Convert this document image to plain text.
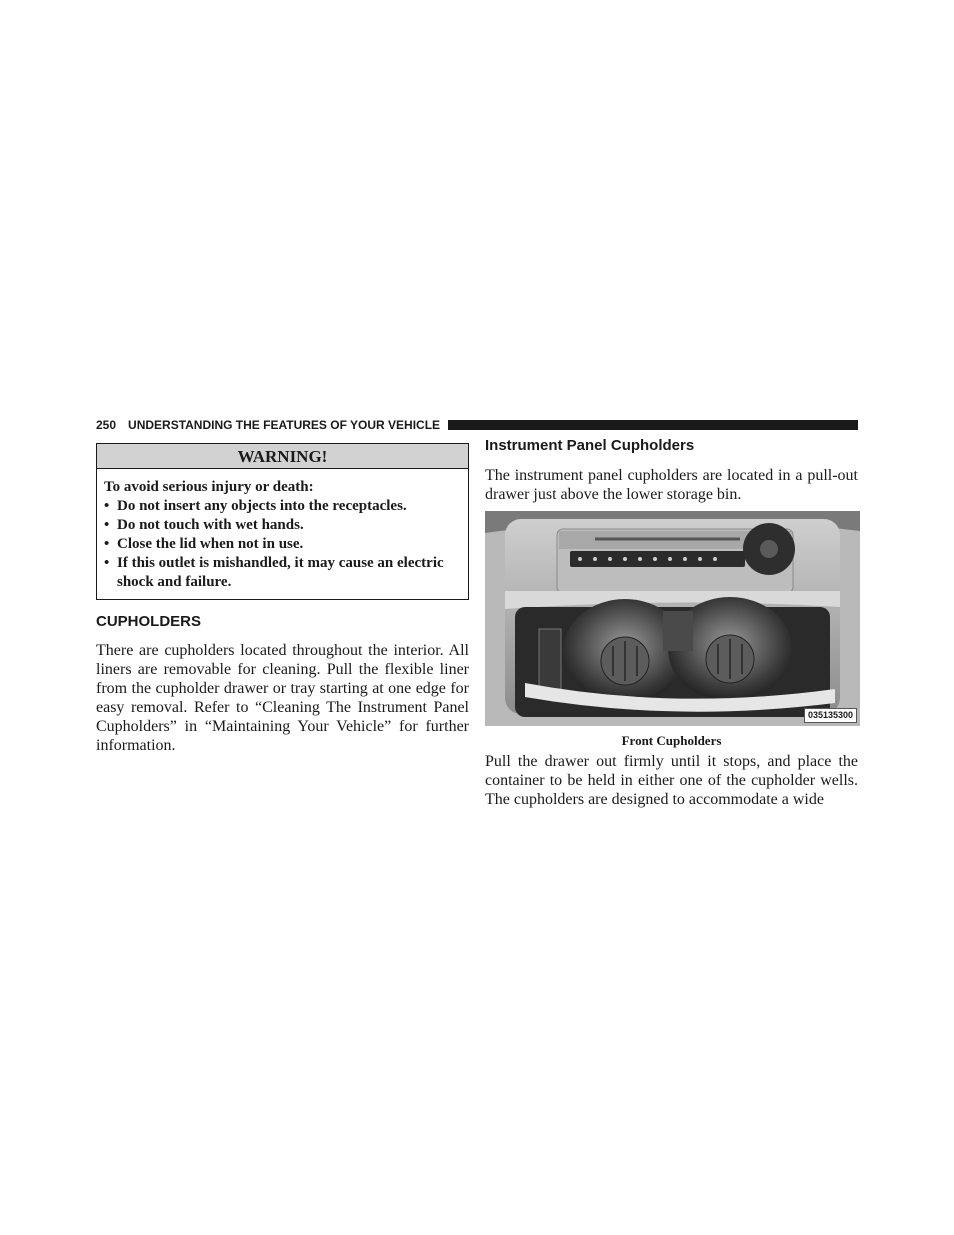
250 UNDERSTANDING THE FEATURES OF YOUR VEHICLE
WARNING!
To avoid serious injury or death:
• Do not insert any objects into the receptacles.
• Do not touch with wet hands.
• Close the lid when not in use.
• If this outlet is mishandled, it may cause an electric shock and failure.
CUPHOLDERS

There are cupholders located throughout the interior. All liners are removable for cleaning. Pull the flexible liner from the cupholder drawer or tray starting at one edge for easy removal. Refer to “Cleaning The Instrument Panel Cupholders” in “Maintaining Your Vehicle” for further information.

Instrument Panel Cupholders

The instrument panel cupholders are located in a pull-out drawer just above the lower storage bin.

035135300
Front Cupholders

Pull the drawer out firmly until it stops, and place the container to be held in either one of the cupholder wells. The cupholders are designed to accommodate a wide
